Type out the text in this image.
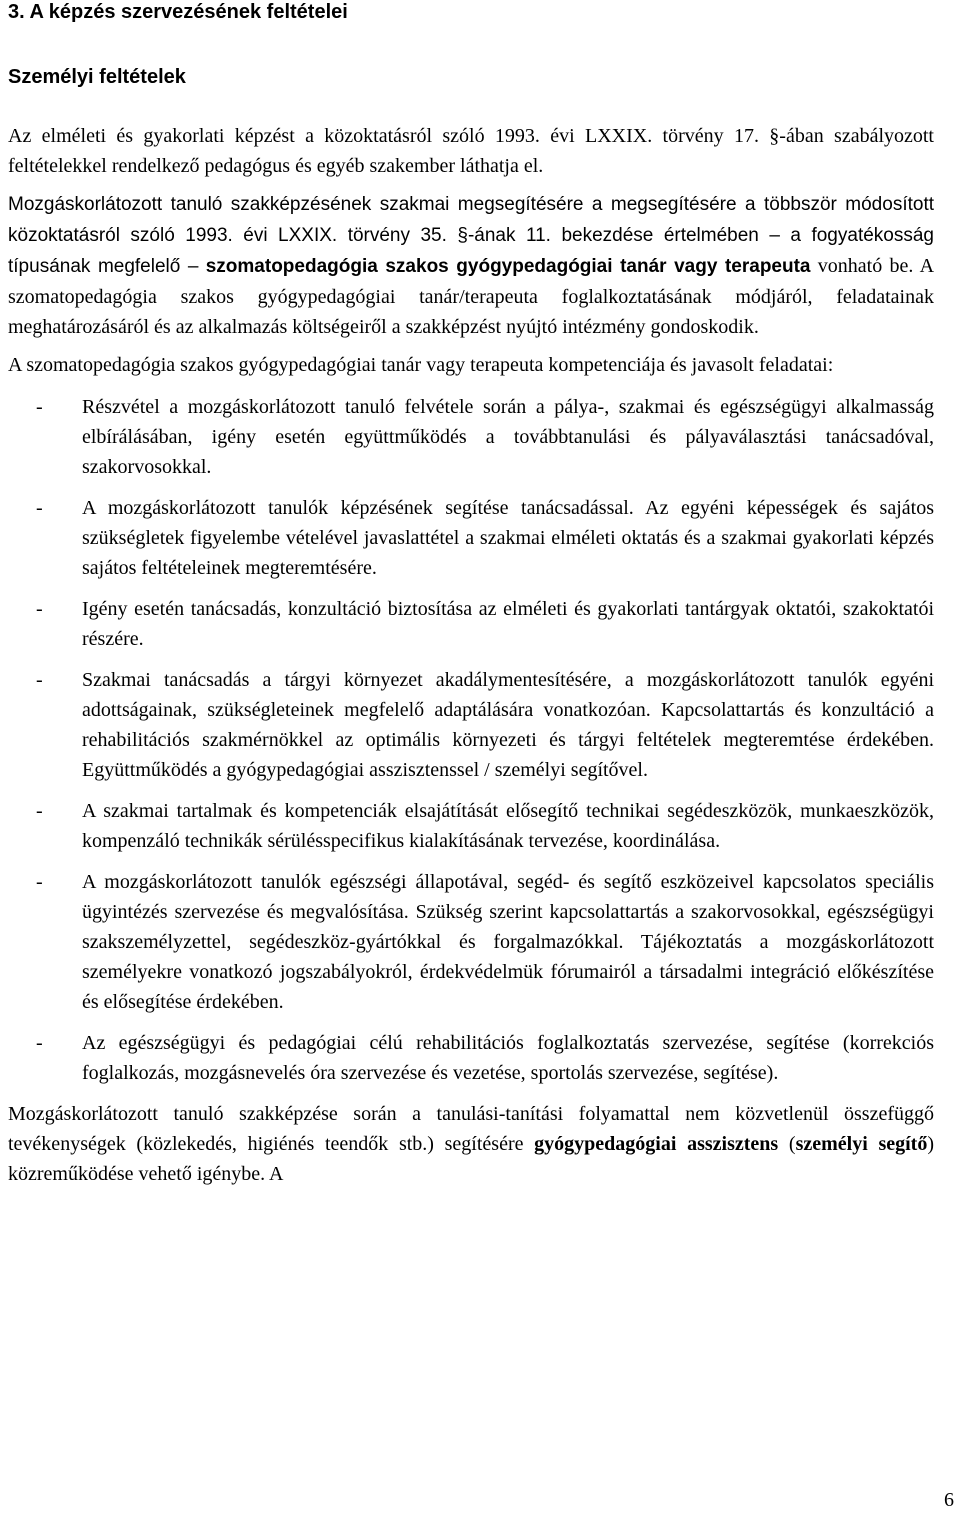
3. A képzés szervezésének feltételei
Személyi feltételek

Az elméleti és gyakorlati képzést a közoktatásról szóló 1993. évi LXXIX. törvény 17. §-ában szabályozott feltételekkel rendelkező pedagógus és egyéb szakember láthatja el.

Mozgáskorlátozott tanuló szakképzésének szakmai megsegítésére a megsegítésére a többször módosított közoktatásról szóló 1993. évi LXXIX. törvény 35. §-ának 11. bekezdése értelmében – a fogyatékosság típusának megfelelő – szomatopedagógia szakos gyógypedagógiai tanár vagy terapeuta vonható be. A szomatopedagógia szakos gyógypedagógiai tanár/terapeuta foglalkoztatásának módjáról, feladatainak meghatározásáról és az alkalmazás költségeiről a szakképzést nyújtó intézmény gondoskodik.

A szomatopedagógia szakos gyógypedagógiai tanár vagy terapeuta kompetenciája és javasolt feladatai:

- Részvétel a mozgáskorlátozott tanuló felvétele során a pálya-, szakmai és egészségügyi alkalmasság elbírálásában, igény esetén együttműködés a továbbtanulási és pályaválasztási tanácsadóval, szakorvosokkal.
- A mozgáskorlátozott tanulók képzésének segítése tanácsadással. Az egyéni képességek és sajátos szükségletek figyelembe vételével javaslattétel a szakmai elméleti oktatás és a szakmai gyakorlati képzés sajátos feltételeinek megteremtésére.
- Igény esetén tanácsadás, konzultáció biztosítása az elméleti és gyakorlati tantárgyak oktatói, szakoktatói részére.
- Szakmai tanácsadás a tárgyi környezet akadálymentesítésére, a mozgáskorlátozott tanulók egyéni adottságainak, szükségleteinek megfelelő adaptálására vonatkozóan. Kapcsolattartás és konzultáció a rehabilitációs szakmérnökkel az optimális környezeti és tárgyi feltételek megteremtése érdekében. Együttműködés a gyógypedagógiai asszisztenssel / személyi segítővel.
- A szakmai tartalmak és kompetenciák elsajátítását elősegítő technikai segédeszközök, munkaeszközök, kompenzáló technikák sérülésspecifikus kialakításának tervezése, koordinálása.
- A mozgáskorlátozott tanulók egészségi állapotával, segéd- és segítő eszközeivel kapcsolatos speciális ügyintézés szervezése és megvalósítása. Szükség szerint kapcsolattartás a szakorvosokkal, egészségügyi szakszemélyzettel, segédeszköz-gyártókkal és forgalmazókkal. Tájékoztatás a mozgáskorlátozott személyekre vonatkozó jogszabályokról, érdekvédelmük fórumairól a társadalmi integráció előkészítése és elősegítése érdekében.
- Az egészségügyi és pedagógiai célú rehabilitációs foglalkoztatás szervezése, segítése (korrekciós foglalkozás, mozgásnevelés óra szervezése és vezetése, sportolás szervezése, segítése).

Mozgáskorlátozott tanuló szakképzése során a tanulási-tanítási folyamattal nem közvetlenül összefüggő tevékenységek (közlekedés, higiénés teendők stb.) segítésére gyógypedagógiai asszisztens (személyi segítő) közreműködése vehető igénybe. A

6
